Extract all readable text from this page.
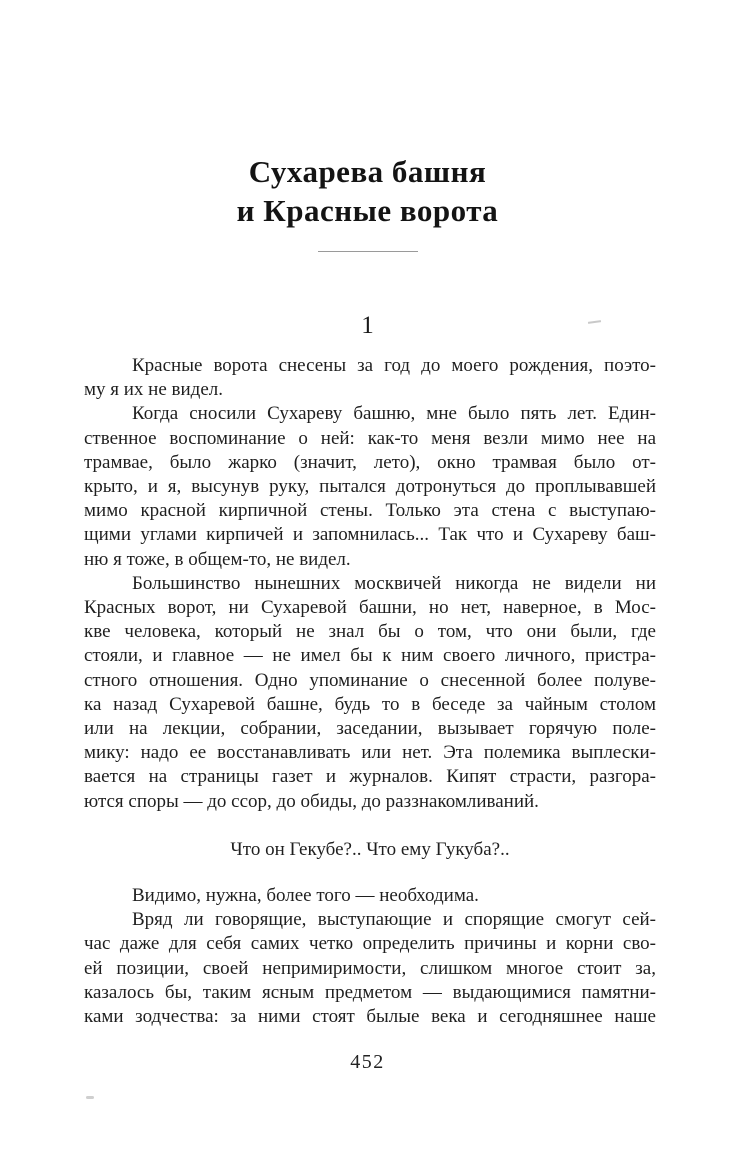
Сухарева башня
и Красные ворота
1
Красные ворота снесены за год до моего рождения, поэто-
му я их не видел.
Когда сносили Сухареву башню, мне было пять лет. Един-
ственное воспоминание о ней: как-то меня везли мимо нее на
трамвае, было жарко (значит, лето), окно трамвая было от-
крыто, и я, высунув руку, пытался дотронуться до проплывавшей
мимо красной кирпичной стены. Только эта стена с выступаю-
щими углами кирпичей и запомнилась... Так что и Сухареву баш-
ню я тоже, в общем-то, не видел.
Большинство нынешних москвичей никогда не видели ни
Красных ворот, ни Сухаревой башни, но нет, наверное, в Мос-
кве человека, который не знал бы о том, что они были, где
стояли, и главное — не имел бы к ним своего личного, пристра-
стного отношения. Одно упоминание о снесенной более полуве-
ка назад Сухаревой башне, будь то в беседе за чайным столом
или на лекции, собрании, заседании, вызывает горячую поле-
мику: надо ее восстанавливать или нет. Эта полемика выплески-
вается на страницы газет и журналов. Кипят страсти, разгора-
ются споры — до ссор, до обиды, до раззнакомливаний.
Что он Гекубе?.. Что ему Гукуба?..
Видимо, нужна, более того — необходима.
Вряд ли говорящие, выступающие и спорящие смогут сей-
час даже для себя самих четко определить причины и корни сво-
ей позиции, своей непримиримости, слишком многое стоит за,
казалось бы, таким ясным предметом — выдающимися памятни-
ками зодчества: за ними стоят былые века и сегодняшнее наше
452
